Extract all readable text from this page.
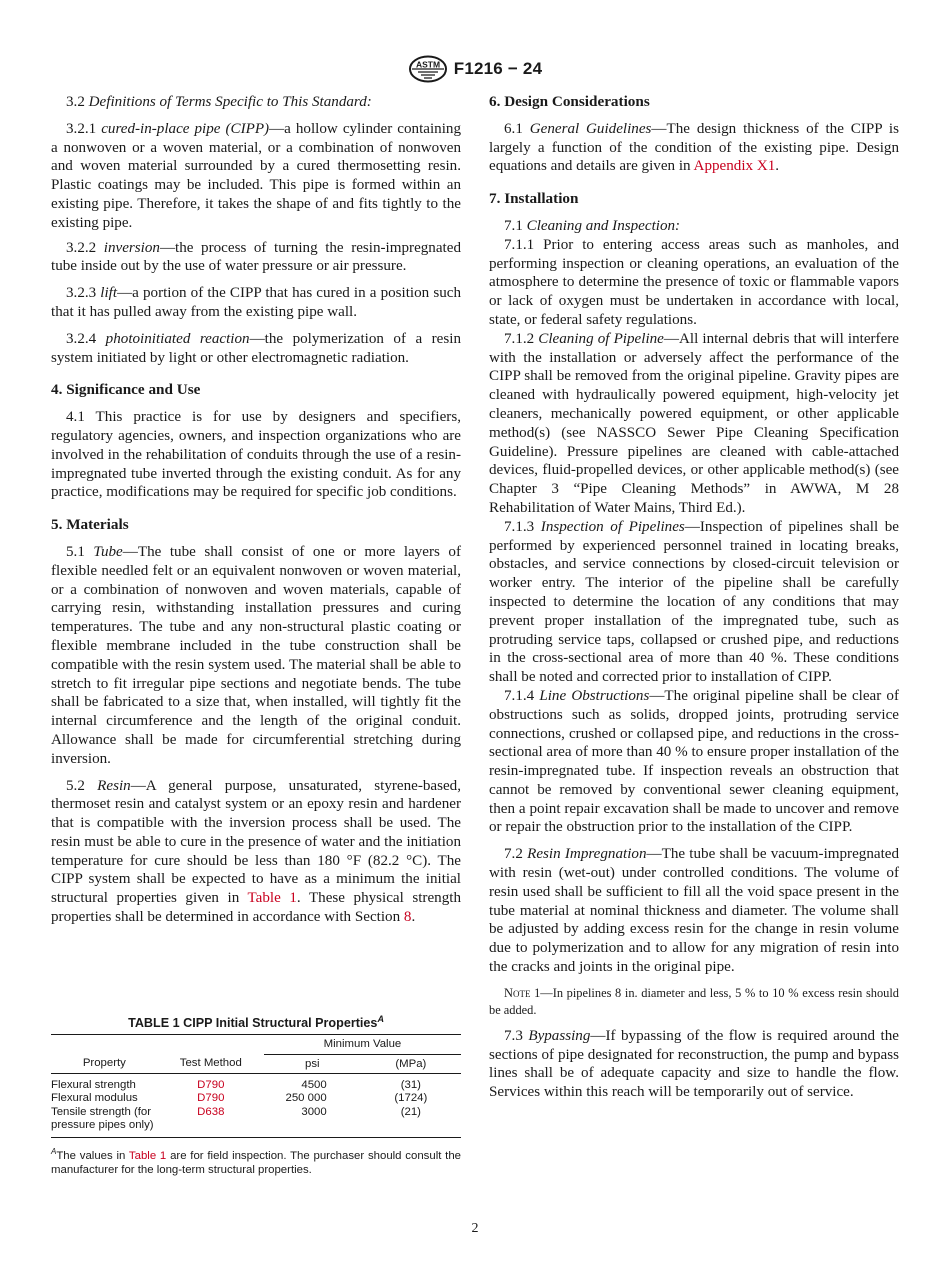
ASTM F1216 − 24

3.2 Definitions of Terms Specific to This Standard:

3.2.1 cured-in-place pipe (CIPP)—a hollow cylinder containing a nonwoven or a woven material, or a combination of nonwoven and woven material surrounded by a cured thermosetting resin. Plastic coatings may be included. This pipe is formed within an existing pipe. Therefore, it takes the shape of and fits tightly to the existing pipe.

3.2.2 inversion—the process of turning the resin-impregnated tube inside out by the use of water pressure or air pressure.

3.2.3 lift—a portion of the CIPP that has cured in a position such that it has pulled away from the existing pipe wall.

3.2.4 photoinitiated reaction—the polymerization of a resin system initiated by light or other electromagnetic radiation.

4. Significance and Use

4.1 This practice is for use by designers and specifiers, regulatory agencies, owners, and inspection organizations who are involved in the rehabilitation of conduits through the use of a resin-impregnated tube inverted through the existing conduit. As for any practice, modifications may be required for specific job conditions.

5. Materials

5.1 Tube—The tube shall consist of one or more layers of flexible needled felt or an equivalent nonwoven or woven material, or a combination of nonwoven and woven materials, capable of carrying resin, withstanding installation pressures and curing temperatures. The tube and any non-structural plastic coating or flexible membrane included in the tube construction shall be compatible with the resin system used. The material shall be able to stretch to fit irregular pipe sections and negotiate bends. The tube shall be fabricated to a size that, when installed, will tightly fit the internal circumference and the length of the original conduit. Allowance shall be made for circumferential stretching during inversion.

5.2 Resin—A general purpose, unsaturated, styrene-based, thermoset resin and catalyst system or an epoxy resin and hardener that is compatible with the inversion process shall be used. The resin must be able to cure in the presence of water and the initiation temperature for cure should be less than 180 °F (82.2 °C). The CIPP system shall be expected to have as a minimum the initial structural properties given in Table 1. These physical strength properties shall be determined in accordance with Section 8.

TABLE 1 CIPP Initial Structural Properties$^A$
		Minimum Value	
Property	Test Method	psi	(MPa)

Flexural strength	D790	4500	(31)
Flexural modulus	D790	250 000	(1724)
Tensile strength (for pressure pipes only)	D638	3000	(21)
$^A$The values in Table 1 are for field inspection. The purchaser should consult the manufacturer for the long-term structural properties.
6. Design Considerations

6.1 General Guidelines—The design thickness of the CIPP is largely a function of the condition of the existing pipe. Design equations and details are given in Appendix X1.

7. Installation

7.1 Cleaning and Inspection:

7.1.1 Prior to entering access areas such as manholes, and performing inspection or cleaning operations, an evaluation of the atmosphere to determine the presence of toxic or flammable vapors or lack of oxygen must be undertaken in accordance with local, state, or federal safety regulations.

7.1.2 Cleaning of Pipeline—All internal debris that will interfere with the installation or adversely affect the performance of the CIPP shall be removed from the original pipeline. Gravity pipes are cleaned with hydraulically powered equipment, high-velocity jet cleaners, mechanically powered equipment, or other applicable method(s) (see NASSCO Sewer Pipe Cleaning Specification Guideline). Pressure pipelines are cleaned with cable-attached devices, fluid-propelled devices, or other applicable method(s) (see Chapter 3 “Pipe Cleaning Methods” in AWWA, M 28 Rehabilitation of Water Mains, Third Ed.).

7.1.3 Inspection of Pipelines—Inspection of pipelines shall be performed by experienced personnel trained in locating breaks, obstacles, and service connections by closed-circuit television or worker entry. The interior of the pipeline shall be carefully inspected to determine the location of any conditions that may prevent proper installation of the impregnated tube, such as protruding service taps, collapsed or crushed pipe, and reductions in the cross-sectional area of more than 40 %. These conditions shall be noted and corrected prior to installation of CIPP.

7.1.4 Line Obstructions—The original pipeline shall be clear of obstructions such as solids, dropped joints, protruding service connections, crushed or collapsed pipe, and reductions in the cross-sectional area of more than 40 % to ensure proper installation of the resin-impregnated tube. If inspection reveals an obstruction that cannot be removed by conventional sewer cleaning equipment, then a point repair excavation shall be made to uncover and remove or repair the obstruction prior to the installation of the CIPP.

7.2 Resin Impregnation—The tube shall be vacuum-impregnated with resin (wet-out) under controlled conditions. The volume of resin used shall be sufficient to fill all the void space present in the tube material at nominal thickness and diameter. The volume shall be adjusted by adding excess resin for the change in resin volume due to polymerization and to allow for any migration of resin into the cracks and joints in the original pipe.

Note 1—In pipelines 8 in. diameter and less, 5 % to 10 % excess resin should be added.

7.3 Bypassing—If bypassing of the flow is required around the sections of pipe designated for reconstruction, the pump and bypass lines shall be of adequate capacity and size to handle the flow. Services within this reach will be temporarily out of service.

2
